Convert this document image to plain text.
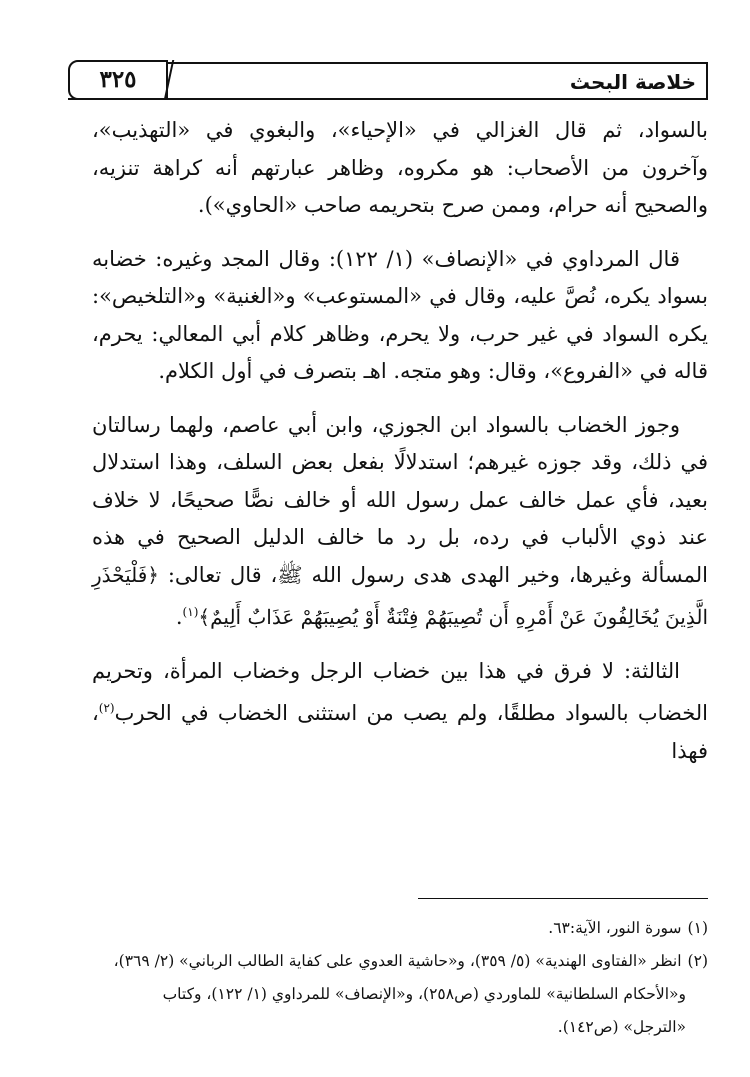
٣٢٥	خلاصة البحث

بالسواد، ثم قال الغزالي في «الإحياء»، والبغوي في «التهذيب»، وآخرون من الأصحاب: هو مكروه، وظاهر عبارتهم أنه كراهة تنزيه، والصحيح أنه حرام، وممن صرح بتحريمه صاحب «الحاوي»).

قال المرداوي في «الإنصاف» (١/ ١٢٢): وقال المجد وغيره: خضابه بسواد يكره، نُصَّ عليه، وقال في «المستوعب» و«الغنية» و«التلخيص»: يكره السواد في غير حرب، ولا يحرم، وظاهر كلام أبي المعالي: يحرم، قاله في «الفروع»، وقال: وهو متجه. اهـ بتصرف في أول الكلام.

وجوز الخضاب بالسواد ابن الجوزي، وابن أبي عاصم، ولهما رسالتان في ذلك، وقد جوزه غيرهم؛ استدلالًا بفعل بعض السلف، وهذا استدلال بعيد، فأي عمل خالف عمل رسول الله أو خالف نصًّا صحيحًا، لا خلاف عند ذوي الألباب في رده، بل رد ما خالف الدليل الصحيح في هذه المسألة وغيرها، وخير الهدى هدى رسول الله ﷺ، قال تعالى: ﴿فَلْيَحْذَرِ الَّذِينَ يُخَالِفُونَ عَنْ أَمْرِهِ أَن تُصِيبَهُمْ فِتْنَةٌ أَوْ يُصِيبَهُمْ عَذَابٌ أَلِيمٌ﴾$^{(١)}$.

الثالثة: لا فرق في هذا بين خضاب الرجل وخضاب المرأة، وتحريم الخضاب بالسواد مطلقًا، ولم يصب من استثنى الخضاب في الحرب$^{(٢)}$، فهذا

(١)سورة النور، الآية:٦٣.

(٢)انظر «الفتاوى الهندية» (٥/ ٣٥٩)، و«حاشية العدوي على كفاية الطالب الرباني» (٢/ ٣٦٩)،

و«الأحكام السلطانية» للماوردي (ص٢٥٨)، و«الإنصاف» للمرداوي (١/ ١٢٢)، وكتاب

«الترجل» (ص١٤٢).
